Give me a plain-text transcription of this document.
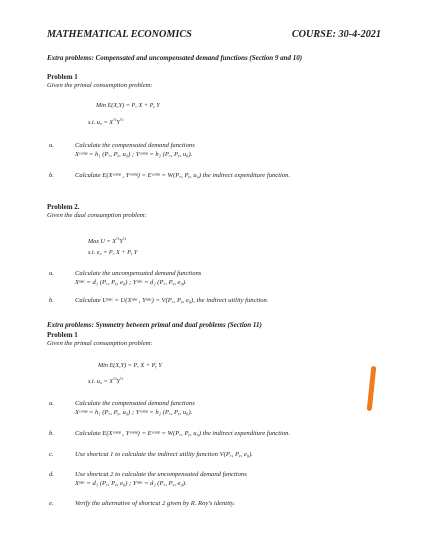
MATHEMATICAL ECONOMICS	COURSE: 30-4-2021
Extra problems: Compensated and uncompensated demand functions (Section 9 and 10)
Problem 1
Given the primal consumption problem:
Min E(X,Y) = Pₓ X + Pᵧ Y
s.t. $u_0 = X^{\frac{1}{2}}Y^{\frac{1}{2}}$
a.	Calculate the compensated demand functions
Xᶜᵒᵐᵖ = h₁ (Pₓ, Pᵧ, u₀) ; Yᶜᵒᵐᵖ = h₂ (Pₓ, Pᵧ, u₀).
b.	Calculate E(Xᶜᵒᵐᵖ , Yᶜᵒᵐᵖ) = Eᶜᵒᵐᵖ = W(Pₓ, Pᵧ, u₀) the indirect expenditure function.
Problem 2.
Given the dual consumption problem:
Max $U = X^{\frac{1}{2}}Y^{\frac{1}{2}}$
s.t. e₀ = Pₓ X + Pᵧ Y
a.	Calculate the uncompensated demand functions
Xᵘⁿᶜ = d₁ (Pₓ, Pᵧ, e₀) ; Yᵘⁿᶜ = d₂ (Pₓ, Pᵧ, e₀).
b.	Calculate Uᵘⁿᶜ = U(Xᵘⁿᶜ , Yᵘⁿᶜ) = V(Pₓ, Pᵧ, e₀), the indirect utility function.
Extra problems: Symmetry between primal and dual problems (Section 11)
Problem 1
Given the primal consumption problem:
Min E(X,Y) = Pₓ X + Pᵧ Y
s.t. $u_0 = X^{\frac{1}{2}}Y^{\frac{1}{2}}$
a.	Calculate the compensated demand functions
Xᶜᵒᵐᵖ = h₁ (Pₓ, Pᵧ, u₀) ; Yᶜᵒᵐᵖ = h₂ (Pₓ, Pᵧ, u₀).
b.	Calculate E(Xᶜᵒᵐᵖ , Yᶜᵒᵐᵖ) = Eᶜᵒᵐᵖ = W(Pₓ, Pᵧ, u₀) the indirect expenditure function.
c.	Use shortcut 1 to calculate the indirect utility function V(Pₓ, Pᵧ, e₀).
d.	Use shortcut 2 to calculate the uncompensated demand functions
Xᵘⁿᶜ = d₁ (Pₓ, Pᵧ, e₀) ; Yᵘⁿᶜ = d₂ (Pₓ, Pᵧ, e₀).
e.	Verify the alternative of shortcut 2 given by R. Roy's identity.
